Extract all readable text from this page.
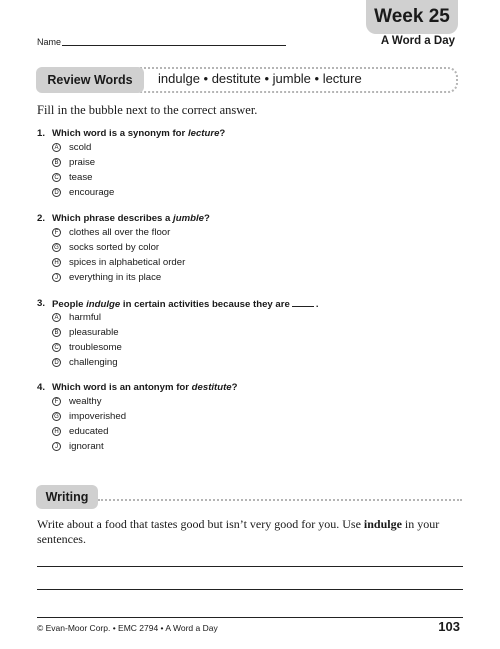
Name
Week 25
A Word a Day
Review Words indulge • destitute • jumble • lecture
Fill in the bubble next to the correct answer.
1. Which word is a synonym for lecture?
A scold
B praise
C tease
D encourage
2. Which phrase describes a jumble?
F clothes all over the floor
G socks sorted by color
H spices in alphabetical order
J	everything in its place
3. People indulge in certain activities because they are	.
A harmful
B pleasurable
C troublesome
D challenging
4. Which word is an antonym for destitute?
F wealthy
G impoverished
H educated
J	ignorant
Writing
Write about a food that tastes good but isn’t very good for you. Use indulge in your sentences.
© Evan-Moor Corp. • EMC 2794 • A Word a Day	103
